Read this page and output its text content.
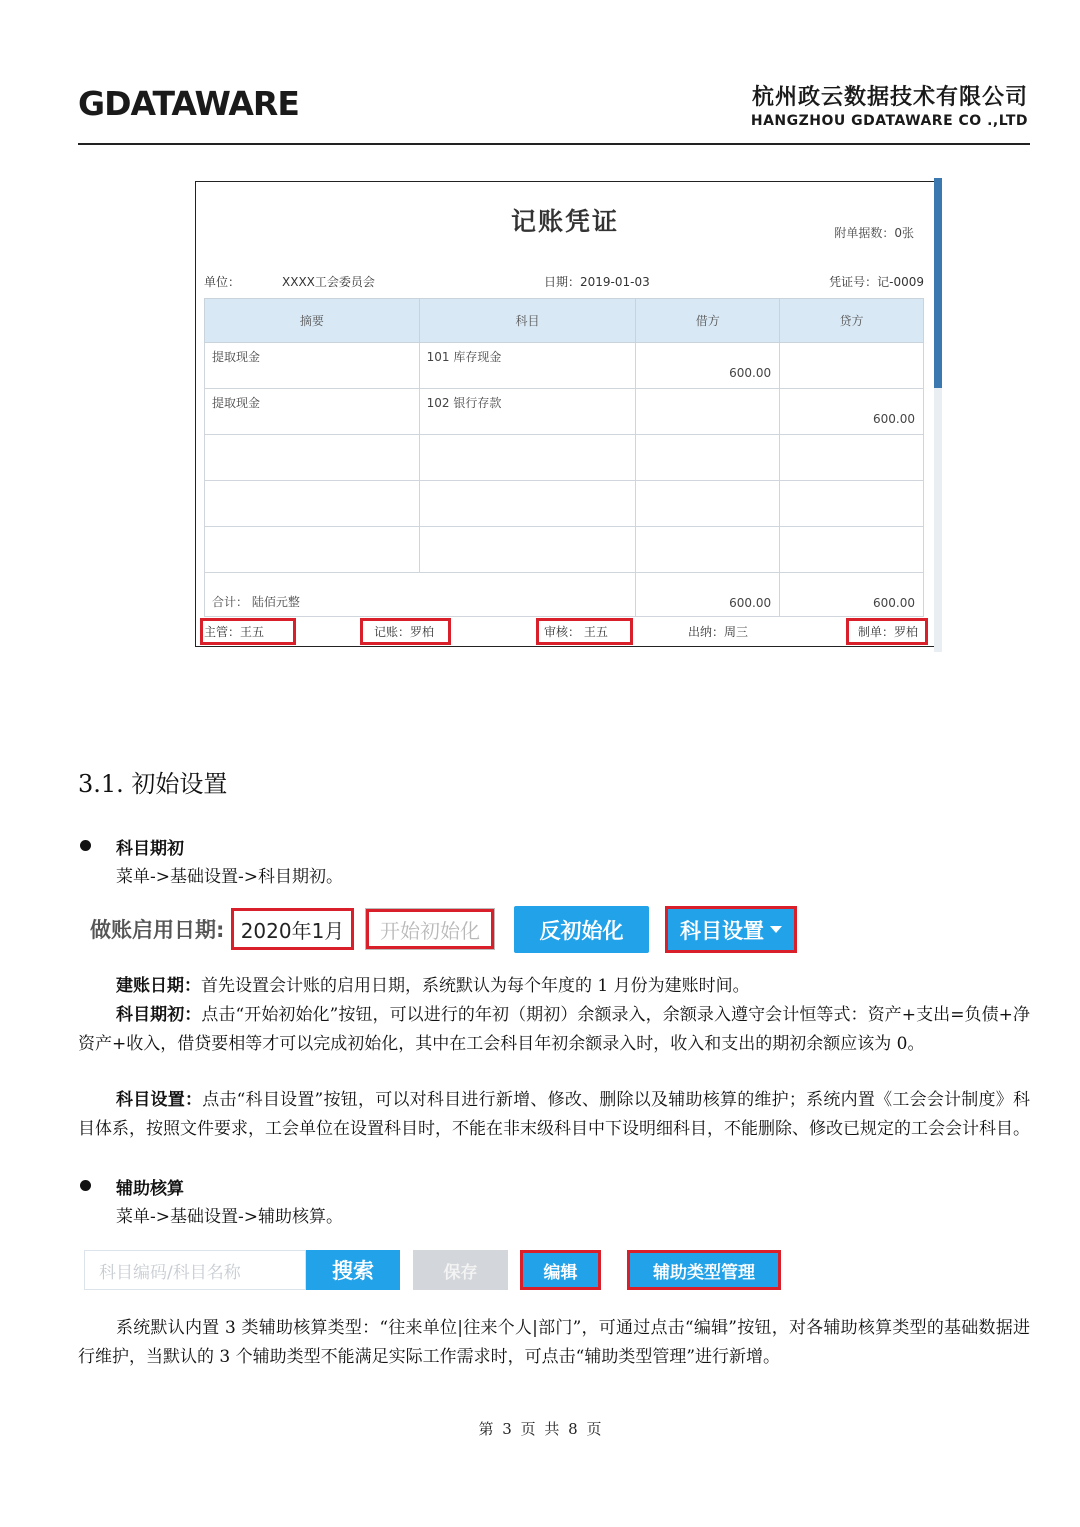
GDATAWARE	杭州政云数据技术有限公司
HANGZHOU GDATAWARE CO .,LTD
记账凭证	附单据数：0张
单位：	XXXX工会委员会	日期：2019-01-03	凭证号：记-0009
摘要	科目	借方	贷方
提取现金	101 库存现金	600.00	
提取现金	102 银行存款		600.00

合计： 陆佰元整		600.00	600.00
主管：王五	记账：罗柏	审核： 王五	出纳：周三	制单：罗柏
3.1. 初始设置
科目期初
菜单->基础设置->科目期初。
做账启用日期: 2020年1月	开始初始化	反初始化	科目设置
建账日期：首先设置会计账的启用日期，系统默认为每个年度的 1 月份为建账时间。
科目期初：点击“开始初始化”按钮，可以进行的年初（期初）余额录入，余额录入遵守会计恒等式：资产+支出=负债+净资产+收入，借贷要相等才可以完成初始化，其中在工会科目年初余额录入时，收入和支出的期初余额应该为 0。
科目设置：点击“科目设置”按钮，可以对科目进行新增、修改、删除以及辅助核算的维护；系统内置《工会会计制度》科目体系，按照文件要求，工会单位在设置科目时，不能在非末级科目中下设明细科目，不能删除、修改已规定的工会会计科目。
辅助核算
菜单->基础设置->辅助核算。
科目编码/科目名称	搜索	保存	编辑	辅助类型管理
系统默认内置 3 类辅助核算类型：“往来单位|往来个人|部门”，可通过点击“编辑”按钮，对各辅助核算类型的基础数据进行维护，当默认的 3 个辅助类型不能满足实际工作需求时，可点击“辅助类型管理”进行新增。
第 3 页 共 8 页
